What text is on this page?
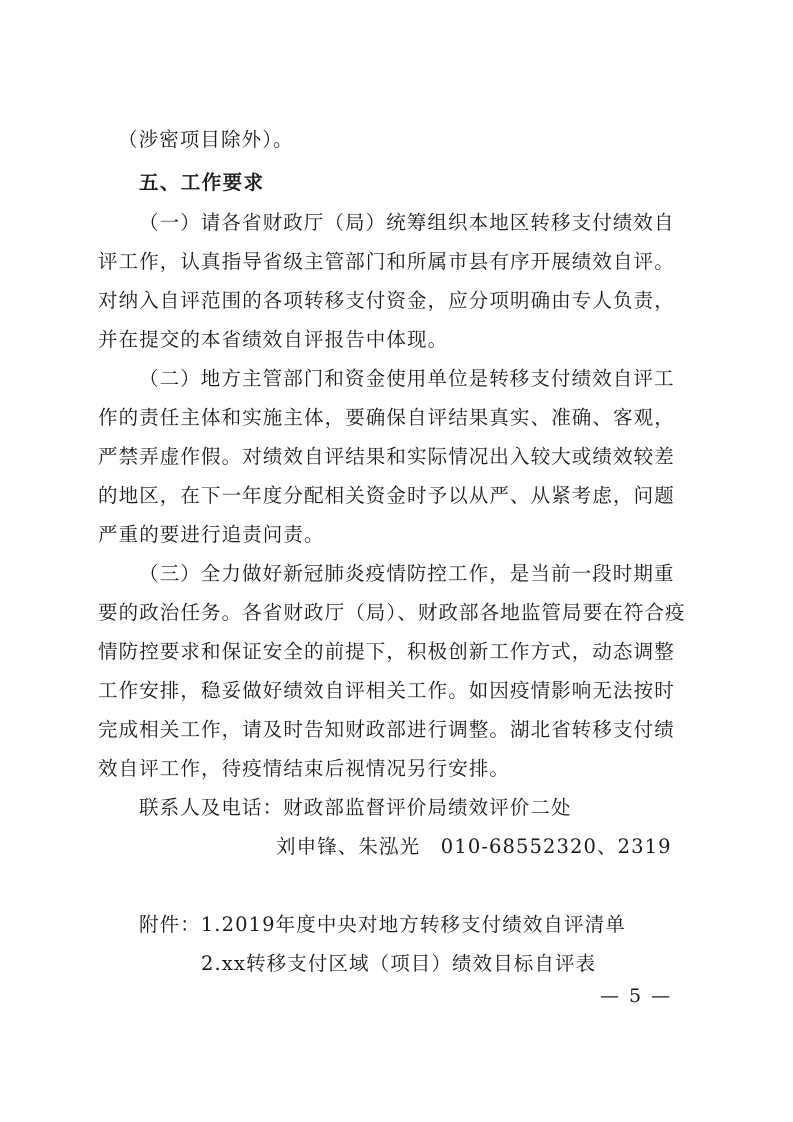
（涉密项目除外）。
五、工作要求
（一）请各省财政厅（局）统筹组织本地区转移支付绩效自
评工作，认真指导省级主管部门和所属市县有序开展绩效自评。
对纳入自评范围的各项转移支付资金，应分项明确由专人负责，
并在提交的本省绩效自评报告中体现。
（二）地方主管部门和资金使用单位是转移支付绩效自评工
作的责任主体和实施主体，要确保自评结果真实、准确、客观，
严禁弄虚作假。对绩效自评结果和实际情况出入较大或绩效较差
的地区，在下一年度分配相关资金时予以从严、从紧考虑，问题
严重的要进行追责问责。
（三）全力做好新冠肺炎疫情防控工作，是当前一段时期重
要的政治任务。各省财政厅（局）、财政部各地监管局要在符合疫
情防控要求和保证安全的前提下，积极创新工作方式，动态调整
工作安排，稳妥做好绩效自评相关工作。如因疫情影响无法按时
完成相关工作，请及时告知财政部进行调整。湖北省转移支付绩
效自评工作，待疫情结束后视情况另行安排。
联系人及电话：财政部监督评价局绩效评价二处
刘申锋、朱泓光　010-68552320、2319
附件：1.2019年度中央对地方转移支付绩效自评清单
2.xx转移支付区域（项目）绩效目标自评表
— 5 —
